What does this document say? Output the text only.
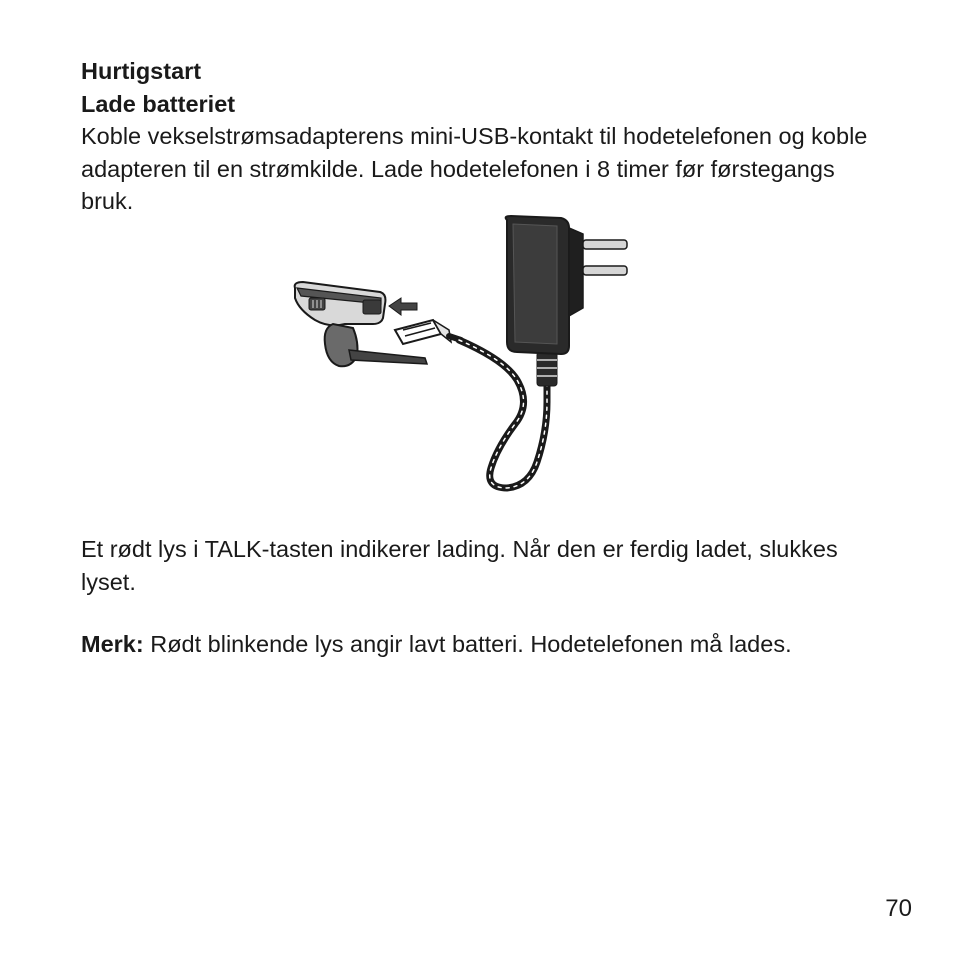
Hurtigstart

Lade batteriet

Koble vekselstrømsadapterens mini-USB-kontakt til hodetelefonen og koble adapteren til en strømkilde. Lade hodetelefonen i 8 timer før førstegangs bruk.

Et rødt lys i TALK-tasten indikerer lading. Når den er ferdig ladet, slukkes lyset.

Merk: Rødt blinkende lys angir lavt batteri. Hodetelefonen må lades.

70
